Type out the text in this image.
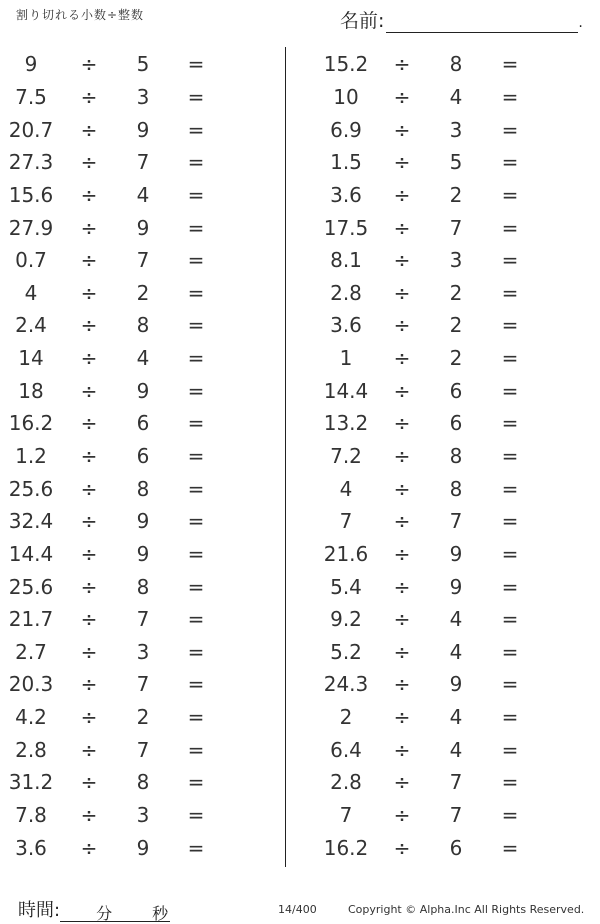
割り切れる小数÷整数	名前:	.
9 ÷ 5 =
7.5 ÷ 3 =
20.7 ÷ 9 =
27.3 ÷ 7 =
15.6 ÷ 4 =
27.9 ÷ 9 =
0.7 ÷ 7 =
4 ÷ 2 =
2.4 ÷ 8 =
14 ÷ 4 =
18 ÷ 9 =
16.2 ÷ 6 =
1.2 ÷ 6 =
25.6 ÷ 8 =
32.4 ÷ 9 =
14.4 ÷ 9 =
25.6 ÷ 8 =
21.7 ÷ 7 =
2.7 ÷ 3 =
20.3 ÷ 7 =
4.2 ÷ 2 =
2.8 ÷ 7 =
31.2 ÷ 8 =
7.8 ÷ 3 =
3.6 ÷ 9 =
15.2 ÷ 8 =
10 ÷ 4 =
6.9 ÷ 3 =
1.5 ÷ 5 =
3.6 ÷ 2 =
17.5 ÷ 7 =
8.1 ÷ 3 =
2.8 ÷ 2 =
3.6 ÷ 2 =
1 ÷ 2 =
14.4 ÷ 6 =
13.2 ÷ 6 =
7.2 ÷ 8 =
4 ÷ 8 =
7 ÷ 7 =
21.6 ÷ 9 =
5.4 ÷ 9 =
9.2 ÷ 4 =
5.2 ÷ 4 =
24.3 ÷ 9 =
2 ÷ 4 =
6.4 ÷ 4 =
2.8 ÷ 7 =
7 ÷ 7 =
16.2 ÷ 6 =
時間: 分 秒	14/400	Copyright © Alpha.Inc All Rights Reserved.
